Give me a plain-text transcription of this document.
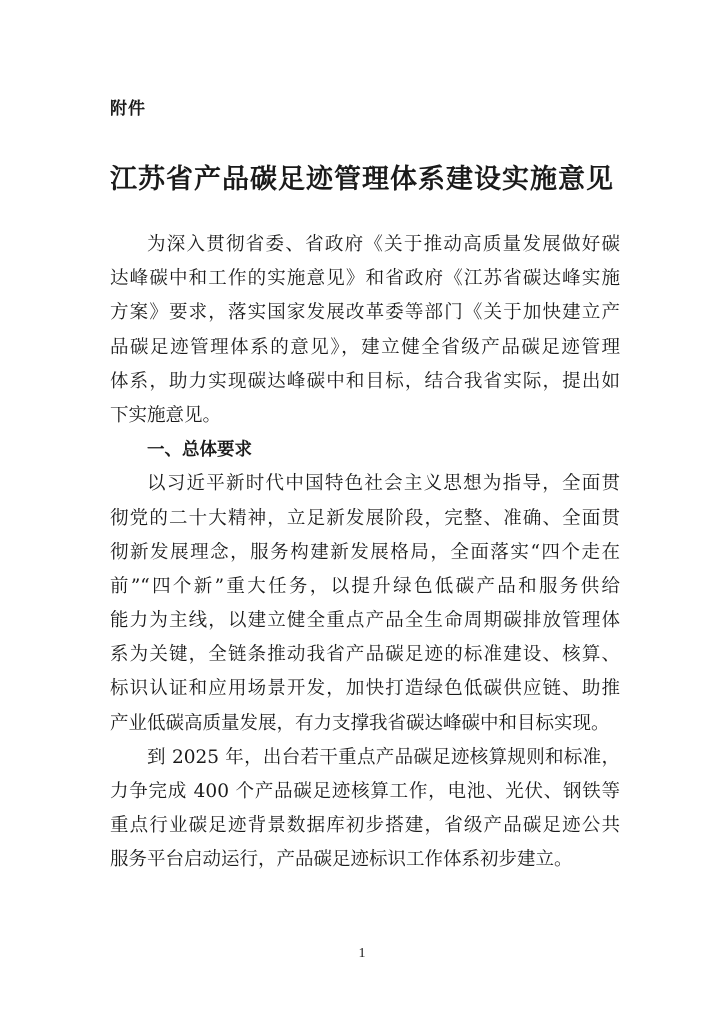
附件
江苏省产品碳足迹管理体系建设实施意见
为深入贯彻省委、省政府《关于推动高质量发展做好碳
达峰碳中和工作的实施意见》和省政府《江苏省碳达峰实施
方案》要求，落实国家发展改革委等部门《关于加快建立产
品碳足迹管理体系的意见》，建立健全省级产品碳足迹管理
体系，助力实现碳达峰碳中和目标，结合我省实际，提出如
下实施意见。
一、总体要求
以习近平新时代中国特色社会主义思想为指导，全面贯
彻党的二十大精神，立足新发展阶段，完整、准确、全面贯
彻新发展理念，服务构建新发展格局，全面落实“四个走在
前”“四个新”重大任务，以提升绿色低碳产品和服务供给
能力为主线，以建立健全重点产品全生命周期碳排放管理体
系为关键，全链条推动我省产品碳足迹的标准建设、核算、
标识认证和应用场景开发，加快打造绿色低碳供应链、助推
产业低碳高质量发展，有力支撑我省碳达峰碳中和目标实现。
到 2025 年，出台若干重点产品碳足迹核算规则和标准，
力争完成 400 个产品碳足迹核算工作，电池、光伏、钢铁等
重点行业碳足迹背景数据库初步搭建，省级产品碳足迹公共
服务平台启动运行，产品碳足迹标识工作体系初步建立。
1
